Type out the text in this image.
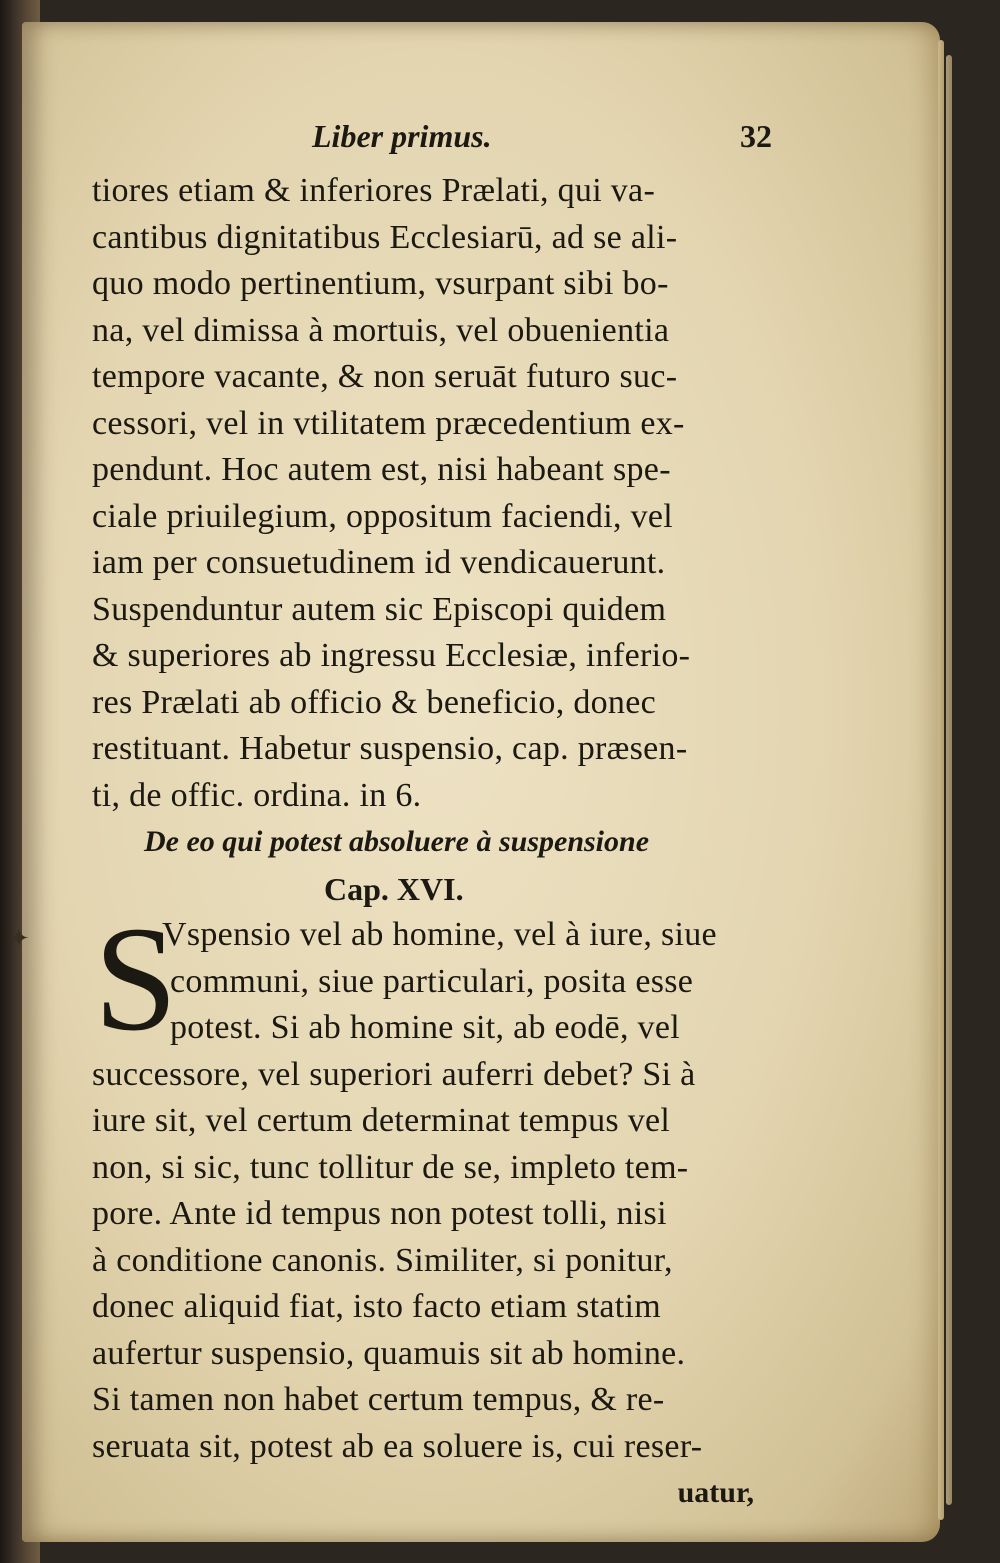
✦
Liber primus.	32
tiores etiam & inferiores Prælati, qui va-
cantibus dignitatibus Ecclesiarū, ad se ali-
quo modo pertinentium, vsurpant sibi bo-
na, vel dimissa à mortuis, vel obuenientia
tempore vacante, & non seruāt futuro suc-
cessori, vel in vtilitatem præcedentium ex-
pendunt. Hoc autem est, nisi habeant spe-
ciale priuilegium, oppositum faciendi, vel
iam per consuetudinem id vendicauerunt.
Suspenduntur autem sic Episcopi quidem
& superiores ab ingressu Ecclesiæ, inferio-
res Prælati ab officio & beneficio, donec
restituant. Habetur suspensio, cap. præsen-
ti, de offic. ordina. in 6.
De eo qui potest absoluere à suspensione
Cap. XVI.
S
Vspensio vel ab homine, vel à iure, siue
communi, siue particulari, posita esse
potest. Si ab homine sit, ab eodē, vel
successore, vel superiori auferri debet? Si à
iure sit, vel certum determinat tempus vel
non, si sic, tunc tollitur de se, impleto tem-
pore. Ante id tempus non potest tolli, nisi
à conditione canonis. Similiter, si ponitur,
donec aliquid fiat, isto facto etiam statim
aufertur suspensio, quamuis sit ab homine.
Si tamen non habet certum tempus, & re-
seruata sit, potest ab ea soluere is, cui reser-
uatur,
